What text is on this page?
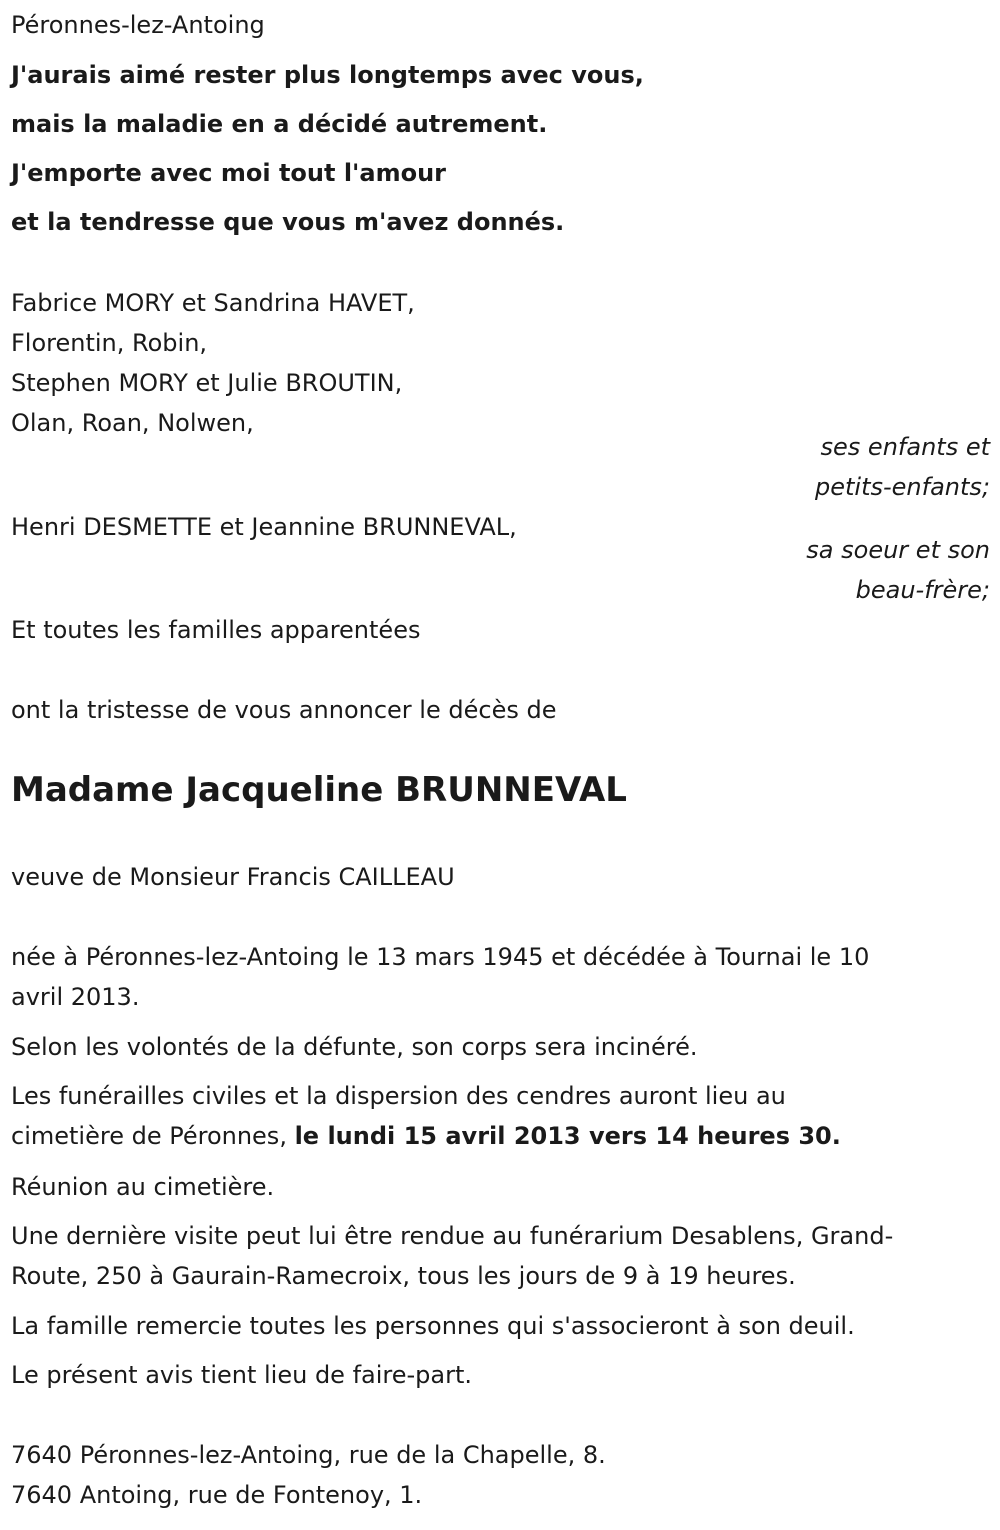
Péronnes-lez-Antoing
J'aurais aimé rester plus longtemps avec vous,
mais la maladie en a décidé autrement.
J'emporte avec moi tout l'amour
et la tendresse que vous m'avez donnés.
Fabrice MORY et Sandrina HAVET,
Florentin, Robin,
Stephen MORY et Julie BROUTIN,
Olan, Roan, Nolwen,
ses enfants et
petits-enfants;
Henri DESMETTE et Jeannine BRUNNEVAL,
sa soeur et son
beau-frère;
Et toutes les familles apparentées
ont la tristesse de vous annoncer le décès de
Madame Jacqueline BRUNNEVAL
veuve de Monsieur Francis CAILLEAU
née à Péronnes-lez-Antoing le 13 mars 1945 et décédée à Tournai le 10
avril 2013.
Selon les volontés de la défunte, son corps sera incinéré.
Les funérailles civiles et la dispersion des cendres auront lieu au
cimetière de Péronnes, le lundi 15 avril 2013 vers 14 heures 30.
Réunion au cimetière.
Une dernière visite peut lui être rendue au funérarium Desablens, Grand-
Route, 250 à Gaurain-Ramecroix, tous les jours de 9 à 19 heures.
La famille remercie toutes les personnes qui s'associeront à son deuil.
Le présent avis tient lieu de faire-part.
7640 Péronnes-lez-Antoing, rue de la Chapelle, 8.
7640 Antoing, rue de Fontenoy, 1.
